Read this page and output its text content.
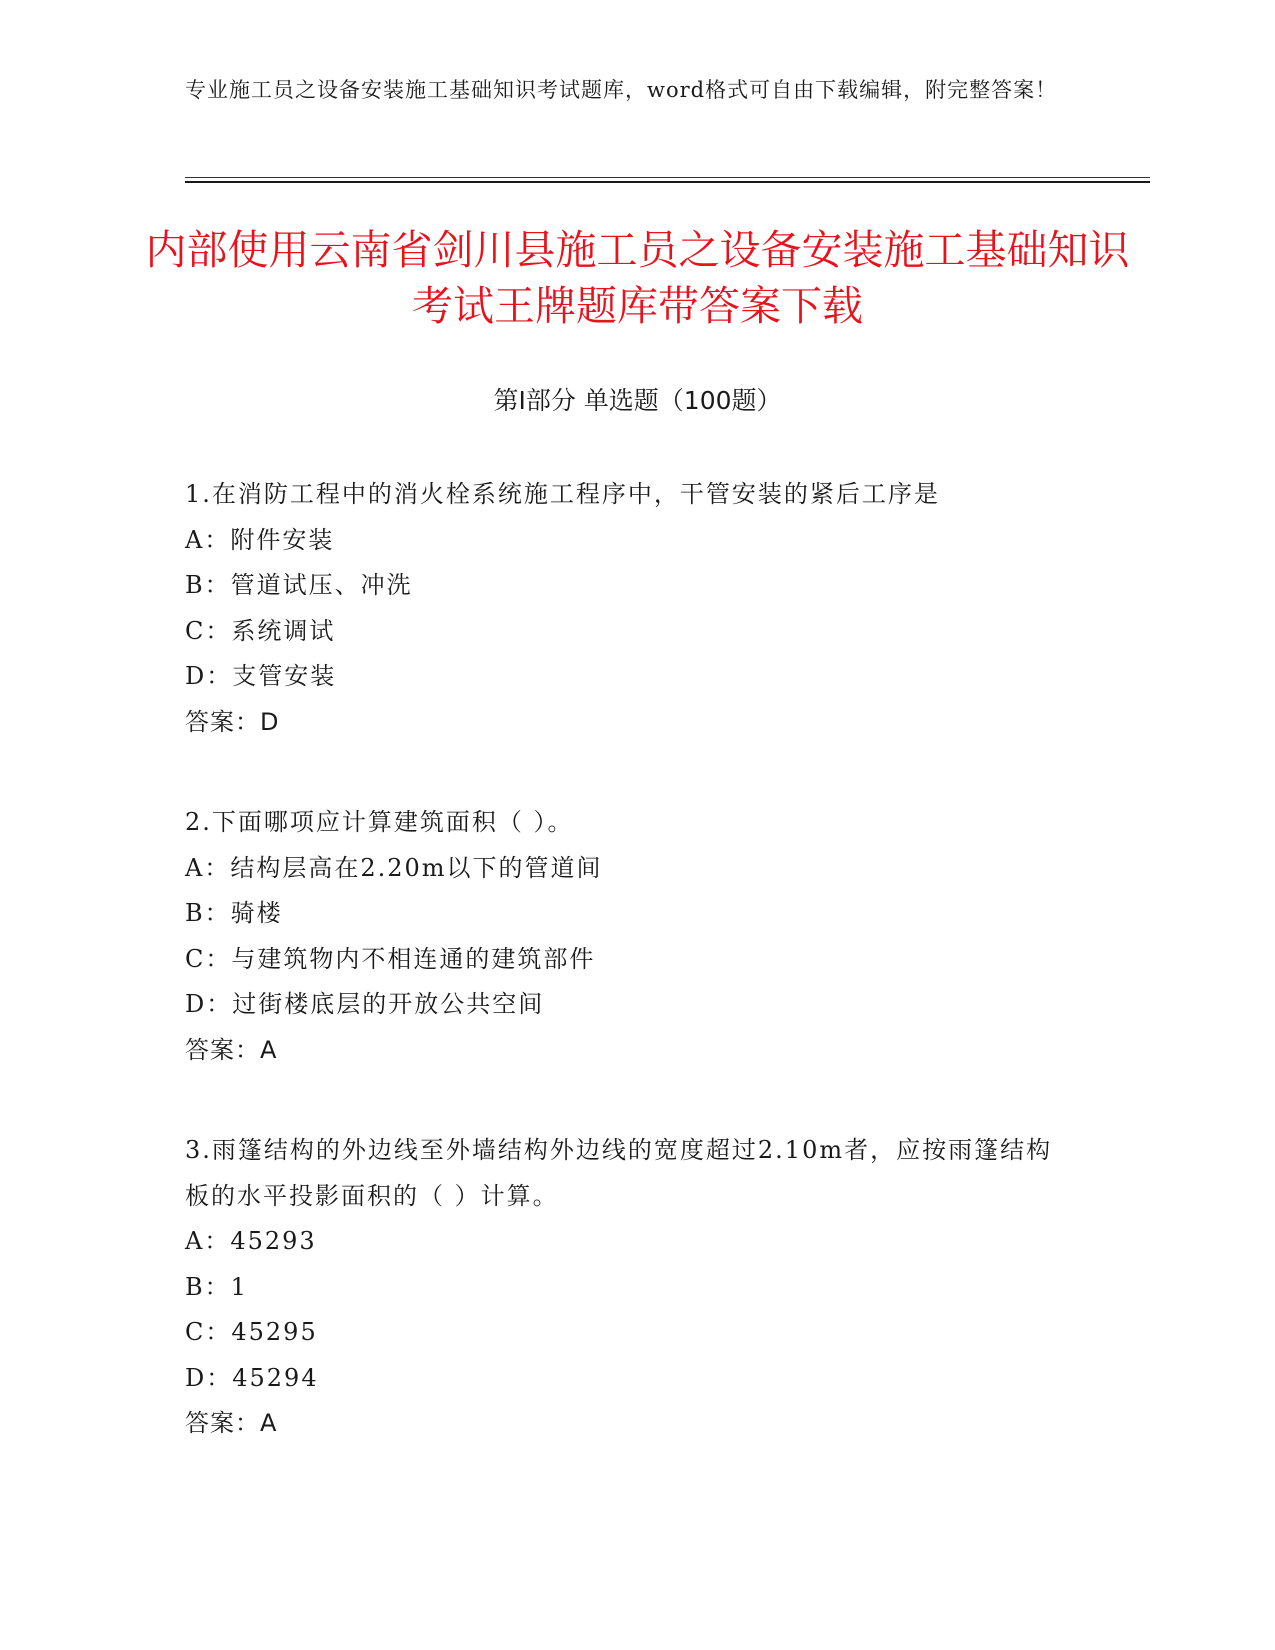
专业施工员之设备安装施工基础知识考试题库，word格式可自由下载编辑，附完整答案！
内部使用云南省剑川县施工员之设备安装施工基础知识考试王牌题库带答案下载
第Ⅰ部分 单选题（100题）
1.在消防工程中的消火栓系统施工程序中，干管安装的紧后工序是
A：附件安装
B：管道试压、冲洗
C：系统调试
D：支管安装
答案：D
2.下面哪项应计算建筑面积（ ）。
A：结构层高在2.20m以下的管道间
B：骑楼
C：与建筑物内不相连通的建筑部件
D：过街楼底层的开放公共空间
答案：A
3.雨篷结构的外边线至外墙结构外边线的宽度超过2.10m者，应按雨篷结构板的水平投影面积的（ ）计算。
A：45293
B：1
C：45295
D：45294
答案：A
